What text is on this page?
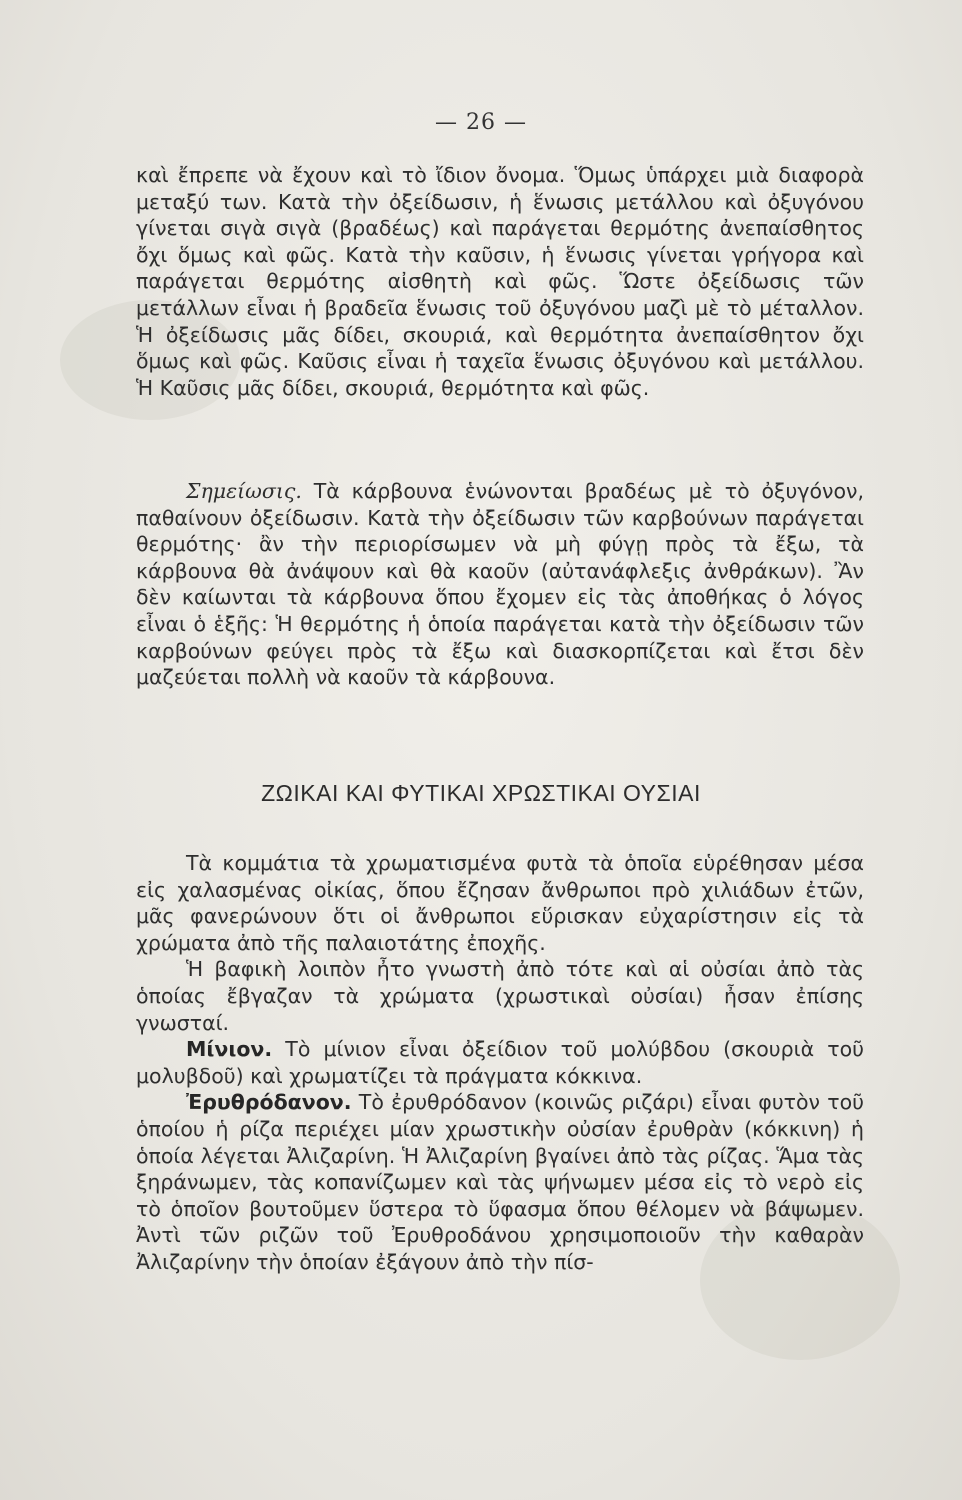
— 26 —

καὶ ἔπρεπε νὰ ἔχουν καὶ τὸ ἴδιον ὄνομα. Ὅμως ὑπάρχει μιὰ διαφορὰ μεταξύ των. Κατὰ τὴν ὀξείδωσιν, ἡ ἕνωσις μετάλλου καὶ ὀξυγόνου γίνεται σιγὰ σιγὰ (βραδέως) καὶ παράγεται θερμότης ἀνεπαίσθητος ὄχι ὅμως καὶ φῶς. Κατὰ τὴν καῦσιν, ἡ ἕνωσις γίνεται γρήγορα καὶ παράγεται θερμότης αἰσθητὴ καὶ φῶς. Ὥστε ὀξείδωσις τῶν μετάλλων εἶναι ἡ βραδεῖα ἕνωσις τοῦ ὀξυγόνου μαζὶ μὲ τὸ μέταλλον. Ἡ ὀξείδωσις μᾶς δίδει, σκουριά, καὶ θερμότητα ἀνεπαίσθητον ὄχι ὅμως καὶ φῶς. Καῦσις εἶναι ἡ ταχεῖα ἕνωσις ὀξυγόνου καὶ μετάλλου. Ἡ Καῦσις μᾶς δίδει, σκουριά, θερμότητα καὶ φῶς.

Σημείωσις. Τὰ κάρβουνα ἑνώνονται βραδέως μὲ τὸ ὀξυγόνον, παθαίνουν ὀξείδωσιν. Κατὰ τὴν ὀξείδωσιν τῶν καρβούνων παράγεται θερμότης· ἂν τὴν περιορίσωμεν νὰ μὴ φύγῃ πρὸς τὰ ἔξω, τὰ κάρβουνα θὰ ἀνάψουν καὶ θὰ καοῦν (αὐτανάφλεξις ἀνθράκων). Ἂν δὲν καίωνται τὰ κάρβουνα ὅπου ἔχομεν εἰς τὰς ἀποθήκας ὁ λόγος εἶναι ὁ ἑξῆς: Ἡ θερμότης ἡ ὁποία παράγεται κατὰ τὴν ὀξείδωσιν τῶν καρβούνων φεύγει πρὸς τὰ ἔξω καὶ διασκορπίζεται καὶ ἔτσι δὲν μαζεύεται πολλὴ νὰ καοῦν τὰ κάρβουνα.

ΖΩΙΚΑΙ ΚΑΙ ΦΥΤΙΚΑΙ ΧΡΩΣΤΙΚΑΙ ΟΥΣΙΑΙ

Τὰ κομμάτια τὰ χρωματισμένα φυτὰ τὰ ὁποῖα εὑρέθησαν μέσα εἰς χαλασμένας οἰκίας, ὅπου ἔζησαν ἄνθρωποι πρὸ χιλιάδων ἐτῶν, μᾶς φανερώνουν ὅτι οἱ ἄνθρωποι εὕρισκαν εὐχαρίστησιν εἰς τὰ χρώματα ἀπὸ τῆς παλαιοτάτης ἐποχῆς.

Ἡ βαφικὴ λοιπὸν ἦτο γνωστὴ ἀπὸ τότε καὶ αἱ οὐσίαι ἀπὸ τὰς ὁποίας ἔβγαζαν τὰ χρώματα (χρωστικαὶ οὐσίαι) ἦσαν ἐπίσης γνωσταί.

Μίνιον. Τὸ μίνιον εἶναι ὀξείδιον τοῦ μολύβδου (σκουριὰ τοῦ μολυβδοῦ) καὶ χρωματίζει τὰ πράγματα κόκκινα.

Ἐρυθρόδανον. Τὸ ἐρυθρόδανον (κοινῶς ριζάρι) εἶναι φυτὸν τοῦ ὁποίου ἡ ρίζα περιέχει μίαν χρωστικὴν οὐσίαν ἐρυθρὰν (κόκκινη) ἡ ὁποία λέγεται Ἀλιζαρίνη. Ἡ Ἀλιζαρίνη βγαίνει ἀπὸ τὰς ρίζας. Ἅμα τὰς ξηράνωμεν, τὰς κοπανίζωμεν καὶ τὰς ψήνωμεν μέσα εἰς τὸ νερὸ εἰς τὸ ὁποῖον βουτοῦμεν ὕστερα τὸ ὕφασμα ὅπου θέλομεν νὰ βάψωμεν. Ἀντὶ τῶν ριζῶν τοῦ Ἐρυθροδάνου χρησιμοποιοῦν τὴν καθαρὰν Ἀλιζαρίνην τὴν ὁποίαν ἐξάγουν ἀπὸ τὴν πίσ-
